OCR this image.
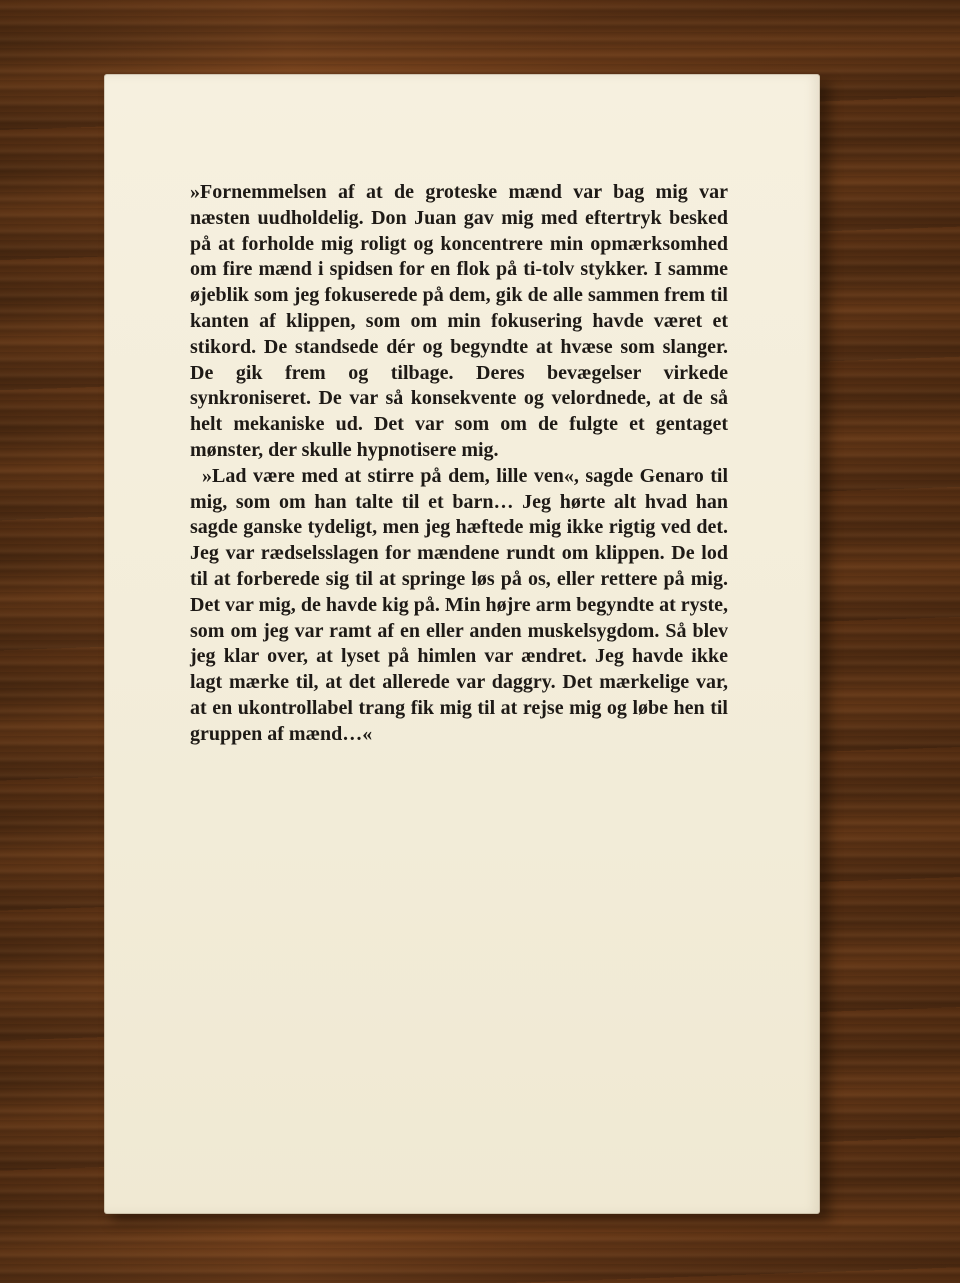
»Fornemmelsen af at de groteske mænd var bag mig var næsten uudholdelig. Don Juan gav mig med eftertryk besked på at forholde mig roligt og koncentrere min opmærksomhed om fire mænd i spidsen for en flok på ti-tolv stykker. I samme øjeblik som jeg fokuserede på dem, gik de alle sammen frem til kanten af klippen, som om min fokusering havde været et stikord. De standsede dér og begyndte at hvæse som slanger. De gik frem og tilbage. Deres bevægelser virkede synkroniseret. De var så konsekvente og velordnede, at de så helt mekaniske ud. Det var som om de fulgte et gentaget mønster, der skulle hypnotisere mig.

»Lad være med at stirre på dem, lille ven«, sagde Genaro til mig, som om han talte til et barn… Jeg hørte alt hvad han sagde ganske tydeligt, men jeg hæftede mig ikke rigtig ved det. Jeg var rædselsslagen for mændene rundt om klippen. De lod til at forberede sig til at springe løs på os, eller rettere på mig. Det var mig, de havde kig på. Min højre arm begyndte at ryste, som om jeg var ramt af en eller anden muskelsygdom. Så blev jeg klar over, at lyset på himlen var ændret. Jeg havde ikke lagt mærke til, at det allerede var daggry. Det mærkelige var, at en ukontrollabel trang fik mig til at rejse mig og løbe hen til gruppen af mænd…«
